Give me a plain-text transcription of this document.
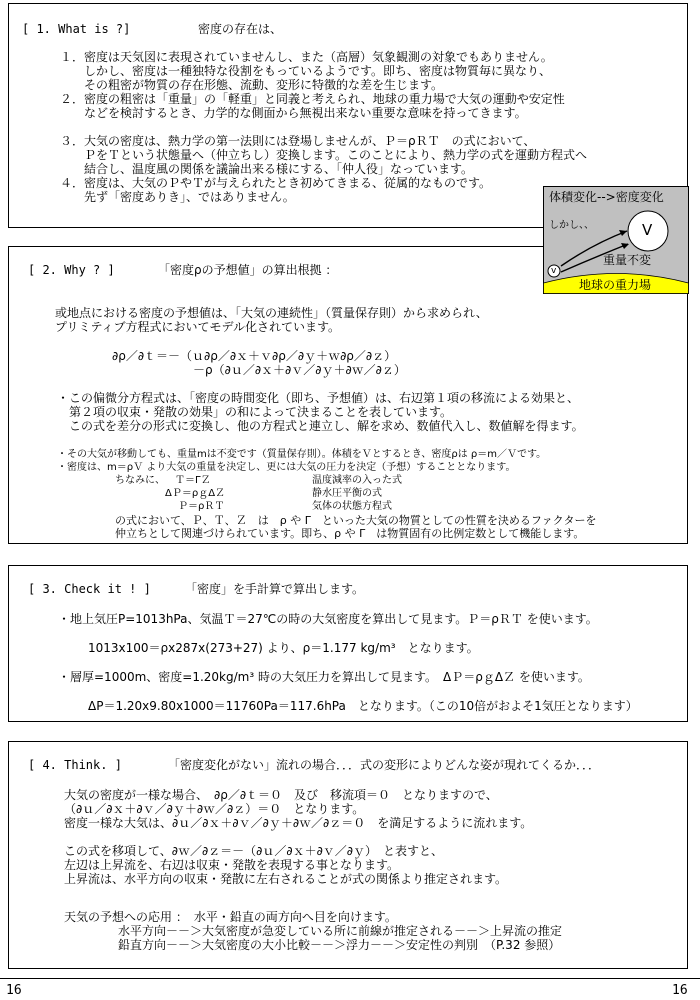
[ 1. What is ?]	密度の存在は、
１．密度は天気図に表現されていませんし、また（高層）気象観測の対象でもありません。
　　しかし、密度は一種独特な役割をもっているようです。即ち、密度は物質毎に異なり、
　　その粗密が物質の存在形態、流動、変形に特徴的な差を生じます。
２．密度の粗密は「重量」の「軽重」と同義と考えられ、地球の重力場で大気の運動や安定性
　　などを検討するとき、力学的な側面から無視出来ない重要な意味を持ってきます。
３．大気の密度は、熱力学の第一法則には登場しませんが、Ｐ＝ρＲＴ　の式において、
　　ＰをＴという状態量へ（仲立ちし）変換します。このことにより、熱力学の式を運動方程式へ
　　結合し、温度風の関係を議論出来る様にする、「仲人役」なっています。
４．密度は、大気のＰやＴが与えられたとき初めてきまる、従属的なものです。
　　先ず「密度ありき」、ではありません。
[ 2. Why ? ]	「密度ρの予想値」の算出根拠 ：
或地点における密度の予想値は、「大気の連続性」（質量保存則）から求められ、
プリミティブ方程式においてモデル化されています。
∂ρ／∂ｔ＝－（ｕ∂ρ／∂ｘ＋ｖ∂ρ／∂ｙ＋ｗ∂ρ／∂ｚ）
－ρ（∂ｕ／∂ｘ＋∂ｖ／∂ｙ＋∂ｗ／∂ｚ）
・この偏微分方程式は、「密度の時間変化（即ち、予想値）は、右辺第１項の移流による効果と、
　第２項の収束・発散の効果」の和によって決まることを表しています。
　この式を差分の形式に変換し、他の方程式と連立し、解を求め、数値代入し、数値解を得ます。
・その大気が移動しても、重量mは不変です（質量保存則）。体積をＶとするとき、密度ρは ρ＝m／Ｖです。
・密度は、m＝ρＶ より大気の重量を決定し、更には大気の圧力を決定（予想）することとなります。
ちなみに、 Ｔ＝ΓＺ	温度減率の入った式
ΔＰ＝ρｇΔＺ	静水圧平衡の式
Ｐ＝ρＲＴ	気体の状態方程式
の式において、Ｐ、Ｔ、Ｚ　は　ρ や Γ　といった大気の物質としての性質を決めるファクターを
仲立ちとして関連づけられています。即ち、ρ や Γ　は物質固有の比例定数として機能します。
体積変化-->密度変化
しかし、、	V
v
重量不変
地球の重力場
[ 3. Check it ! ]	「密度」を手計算で算出します。
・地上気圧P=1013hPa、気温Ｔ＝27℃の時の大気密度を算出して見ます。Ｐ＝ρＲＴ を使います。
1013x100＝ρx287x(273+27) より、ρ＝1.177 kg/m³　となります。
・層厚=1000m、密度=1.20kg/m³ 時の大気圧力を算出して見ます。　ΔＰ＝ρｇΔＺ を使います。
ΔP＝1.20x9.80x1000＝11760Pa＝117.6hPa　となります。（この10倍がおよそ1気圧となります）
[ 4. Think. ]	「密度変化がない」流れの場合．．．式の変形によりどんな姿が現れてくるか．．．
大気の密度が一様な場合、　∂ρ／∂ｔ＝０　及び　移流項＝０　となりますので、
（∂ｕ／∂ｘ＋∂ｖ／∂ｙ＋∂ｗ／∂ｚ）＝０　となります。
密度一様な大気は、∂ｕ／∂ｘ＋∂ｖ／∂ｙ＋∂ｗ／∂ｚ＝０　を満足するように流れます。
この式を移項して、∂ｗ／∂ｚ＝－（∂ｕ／∂ｘ＋∂ｖ／∂ｙ）　と表すと、
左辺は上昇流を、右辺は収束・発散を表現する事となります。
上昇流は、水平方向の収束・発散に左右されることが式の関係より推定されます。
天気の予想への応用 ：　水平・鉛直の両方向へ目を向けます。
水平方向－－＞大気密度が急変している所に前線が推定される－－＞上昇流の推定
鉛直方向－－＞大気密度の大小比較－－＞浮力－－＞安定性の判別　（P.32 参照）
16	16
